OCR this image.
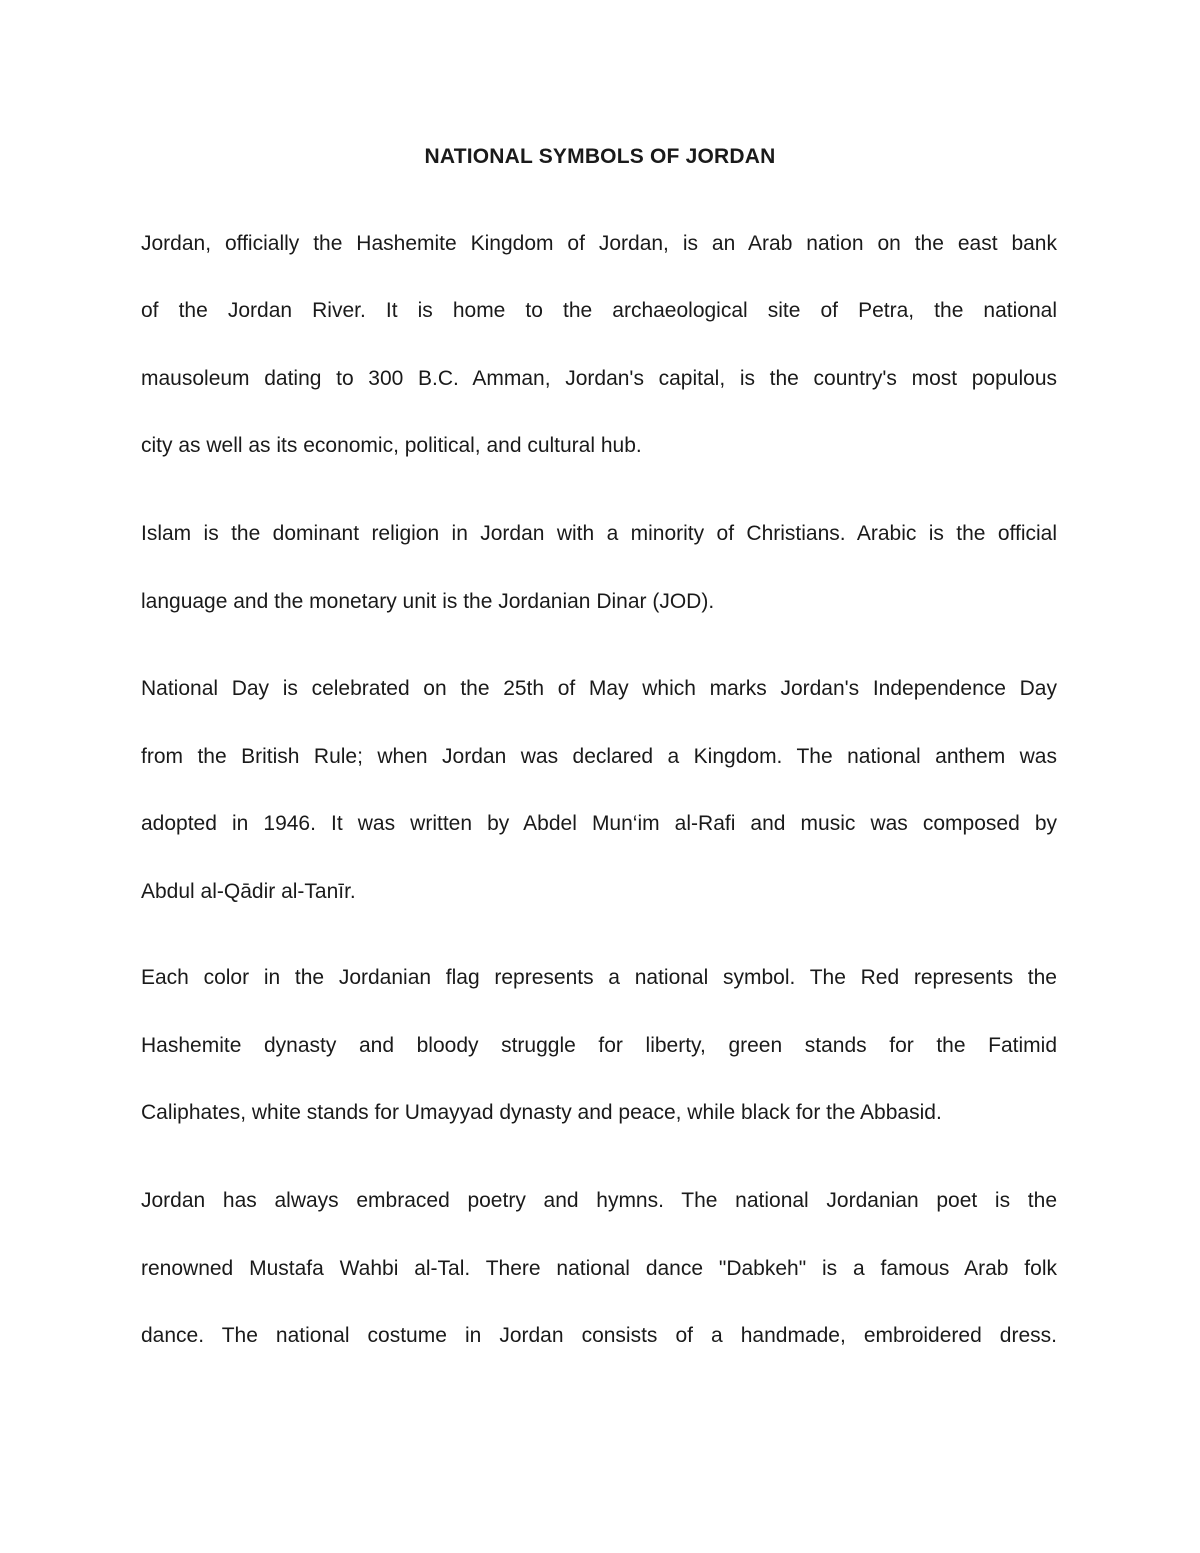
NATIONAL SYMBOLS OF JORDAN
Jordan, officially the Hashemite Kingdom of Jordan, is an Arab nation on the east bank
of the Jordan River. It is home to the archaeological site of Petra, the national
mausoleum dating to 300 B.C. Amman, Jordan's capital, is the country's most populous
city as well as its economic, political, and cultural hub.
Islam is the dominant religion in Jordan with a minority of Christians. Arabic is the official
language and the monetary unit is the Jordanian Dinar (JOD).
National Day is celebrated on the 25th of May which marks Jordan's Independence Day
from the British Rule; when Jordan was declared a Kingdom. The national anthem was
adopted in 1946. It was written by Abdel Mun‘im al-Rafi and music was composed by
Abdul al-Qādir al-Tanīr.
Each color in the Jordanian flag represents a national symbol. The Red represents the
Hashemite dynasty and bloody struggle for liberty, green stands for the Fatimid
Caliphates, white stands for Umayyad dynasty and peace, while black for the Abbasid.
Jordan has always embraced poetry and hymns. The national Jordanian poet is the
renowned Mustafa Wahbi al-Tal. There national dance "Dabkeh" is a famous Arab folk
dance. The national costume in Jordan consists of a handmade, embroidered dress.
